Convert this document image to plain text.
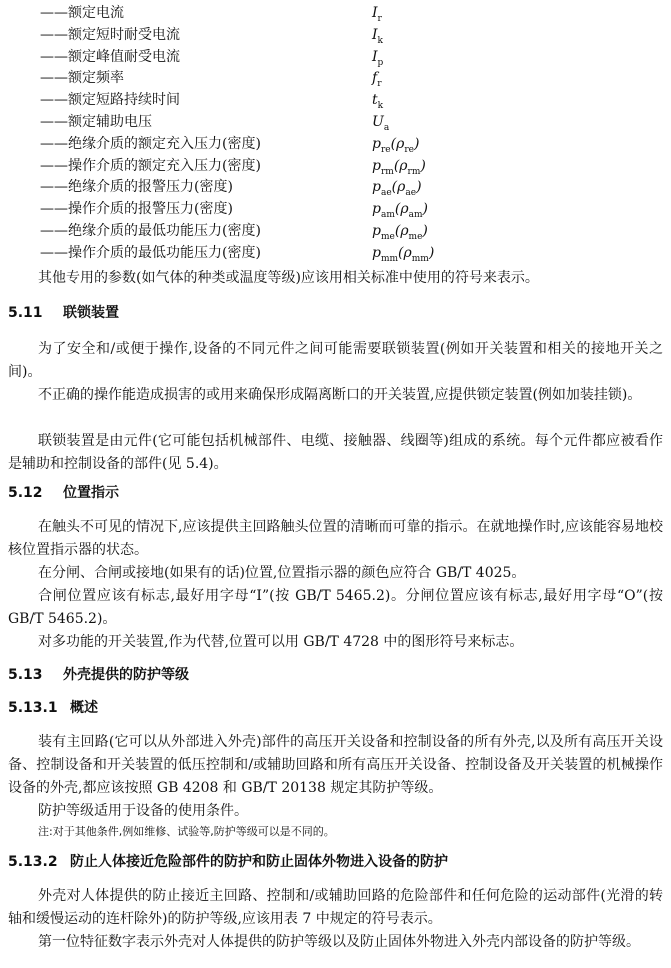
——额定电流	$I_r$
——额定短时耐受电流	$I_k$
——额定峰值耐受电流	$I_p$
——额定频率	$f_r$
——额定短路持续时间	$t_k$
——额定辅助电压	$U_a$
——绝缘介质的额定充入压力(密度)	$p_{re}(\rho_{re})$
——操作介质的额定充入压力(密度)	$p_{rm}(\rho_{rm})$
——绝缘介质的报警压力(密度)	$p_{ae}(\rho_{ae})$
——操作介质的报警压力(密度)	$p_{am}(\rho_{am})$
——绝缘介质的最低功能压力(密度)	$p_{me}(\rho_{me})$
——操作介质的最低功能压力(密度)	$p_{mm}(\rho_{mm})$

其他专用的参数(如气体的种类或温度等级)应该用相关标准中使用的符号来表示。

5.11 联锁装置

为了安全和/或便于操作,设备的不同元件之间可能需要联锁装置(例如开关装置和相关的接地开关之间)。

不正确的操作能造成损害的或用来确保形成隔离断口的开关装置,应提供锁定装置(例如加装挂锁)。

联锁装置是由元件(它可能包括机械部件、电缆、接触器、线圈等)组成的系统。每个元件都应被看作是辅助和控制设备的部件(见 5.4)。

5.12 位置指示

在触头不可见的情况下,应该提供主回路触头位置的清晰而可靠的指示。在就地操作时,应该能容易地校核位置指示器的状态。

在分闸、合闸或接地(如果有的话)位置,位置指示器的颜色应符合 GB/T 4025。

合闸位置应该有标志,最好用字母“I”(按 GB/T 5465.2)。分闸位置应该有标志,最好用字母“O”(按 GB/T 5465.2)。

对多功能的开关装置,作为代替,位置可以用 GB/T 4728 中的图形符号来标志。

5.13 外壳提供的防护等级
5.13.1 概述

装有主回路(它可以从外部进入外壳)部件的高压开关设备和控制设备的所有外壳,以及所有高压开关设备、控制设备和开关装置的低压控制和/或辅助回路和所有高压开关设备、控制设备及开关装置的机械操作设备的外壳,都应该按照 GB 4208 和 GB/T 20138 规定其防护等级。

防护等级适用于设备的使用条件。

注:对于其他条件,例如维修、试验等,防护等级可以是不同的。

5.13.2 防止人体接近危险部件的防护和防止固体外物进入设备的防护

外壳对人体提供的防止接近主回路、控制和/或辅助回路的危险部件和任何危险的运动部件(光滑的转轴和缓慢运动的连杆除外)的防护等级,应该用表 7 中规定的符号表示。

第一位特征数字表示外壳对人体提供的防护等级以及防止固体外物进入外壳内部设备的防护等级。
